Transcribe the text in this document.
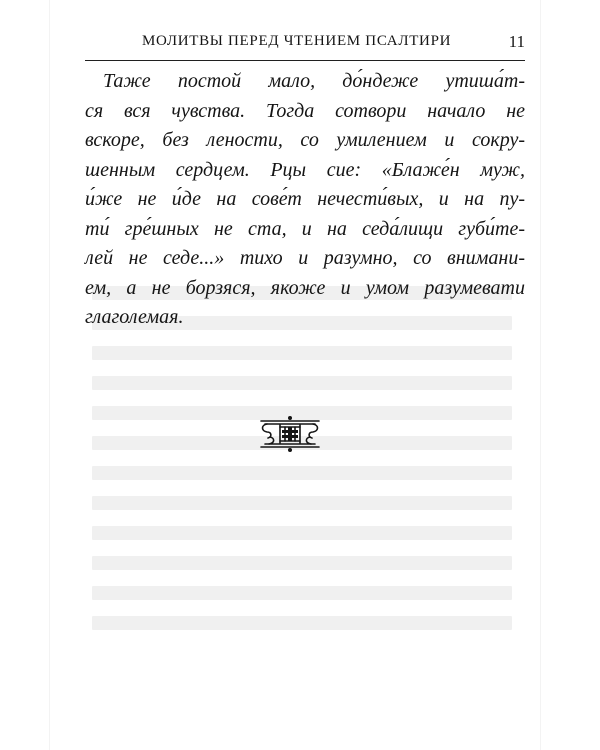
МОЛИТВЫ ПЕРЕД ЧТЕНИЕМ ПСАЛТИРИ	11
Таже постой мало, до́ндеже утиша́т-
ся вся чувства. Тогда сотвори начало не
вскоре, без лености, со умилением и сокру-
шенным сердцем. Рцы сие: «Блаже́н муж,
и́же не и́де на сове́т нечести́вых, и на пу-
ти́ гре́шных не ста, и на седа́лищи губи́те-
лей не седе...» тихо и разумно, со внимани-
ем, а не борзяся, якоже и умом разумевати
глаголемая.
